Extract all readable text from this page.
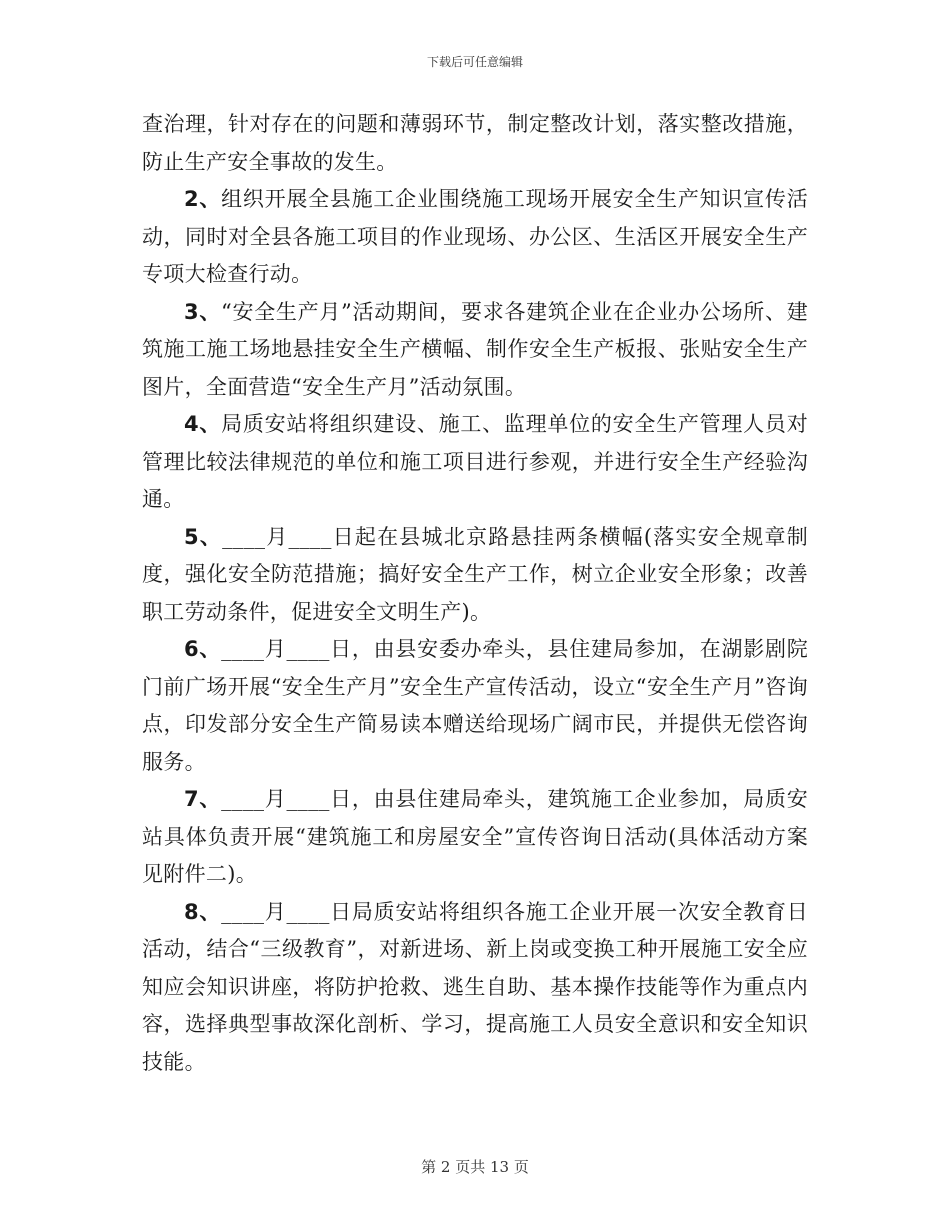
下载后可任意编辑

查治理，针对存在的问题和薄弱环节，制定整改计划，落实整改措施，防止生产安全事故的发生。

2、组织开展全县施工企业围绕施工现场开展安全生产知识宣传活动，同时对全县各施工项目的作业现场、办公区、生活区开展安全生产专项大检查行动。

3、“安全生产月”活动期间，要求各建筑企业在企业办公场所、建筑施工施工场地悬挂安全生产横幅、制作安全生产板报、张贴安全生产图片，全面营造“安全生产月”活动氛围。

4、局质安站将组织建设、施工、监理单位的安全生产管理人员对管理比较法律规范的单位和施工项目进行参观，并进行安全生产经验沟通。

5、____月____日起在县城北京路悬挂两条横幅(落实安全规章制度，强化安全防范措施；搞好安全生产工作，树立企业安全形象；改善职工劳动条件，促进安全文明生产)。

6、____月____日，由县安委办牵头，县住建局参加，在湖影剧院门前广场开展“安全生产月”安全生产宣传活动，设立“安全生产月”咨询点，印发部分安全生产简易读本赠送给现场广阔市民，并提供无偿咨询服务。

7、____月____日，由县住建局牵头，建筑施工企业参加，局质安站具体负责开展“建筑施工和房屋安全”宣传咨询日活动(具体活动方案见附件二)。

8、____月____日局质安站将组织各施工企业开展一次安全教育日活动，结合“三级教育”，对新进场、新上岗或变换工种开展施工安全应知应会知识讲座，将防护抢救、逃生自助、基本操作技能等作为重点内容，选择典型事故深化剖析、学习，提高施工人员安全意识和安全知识技能。

第 2 页共 13 页
